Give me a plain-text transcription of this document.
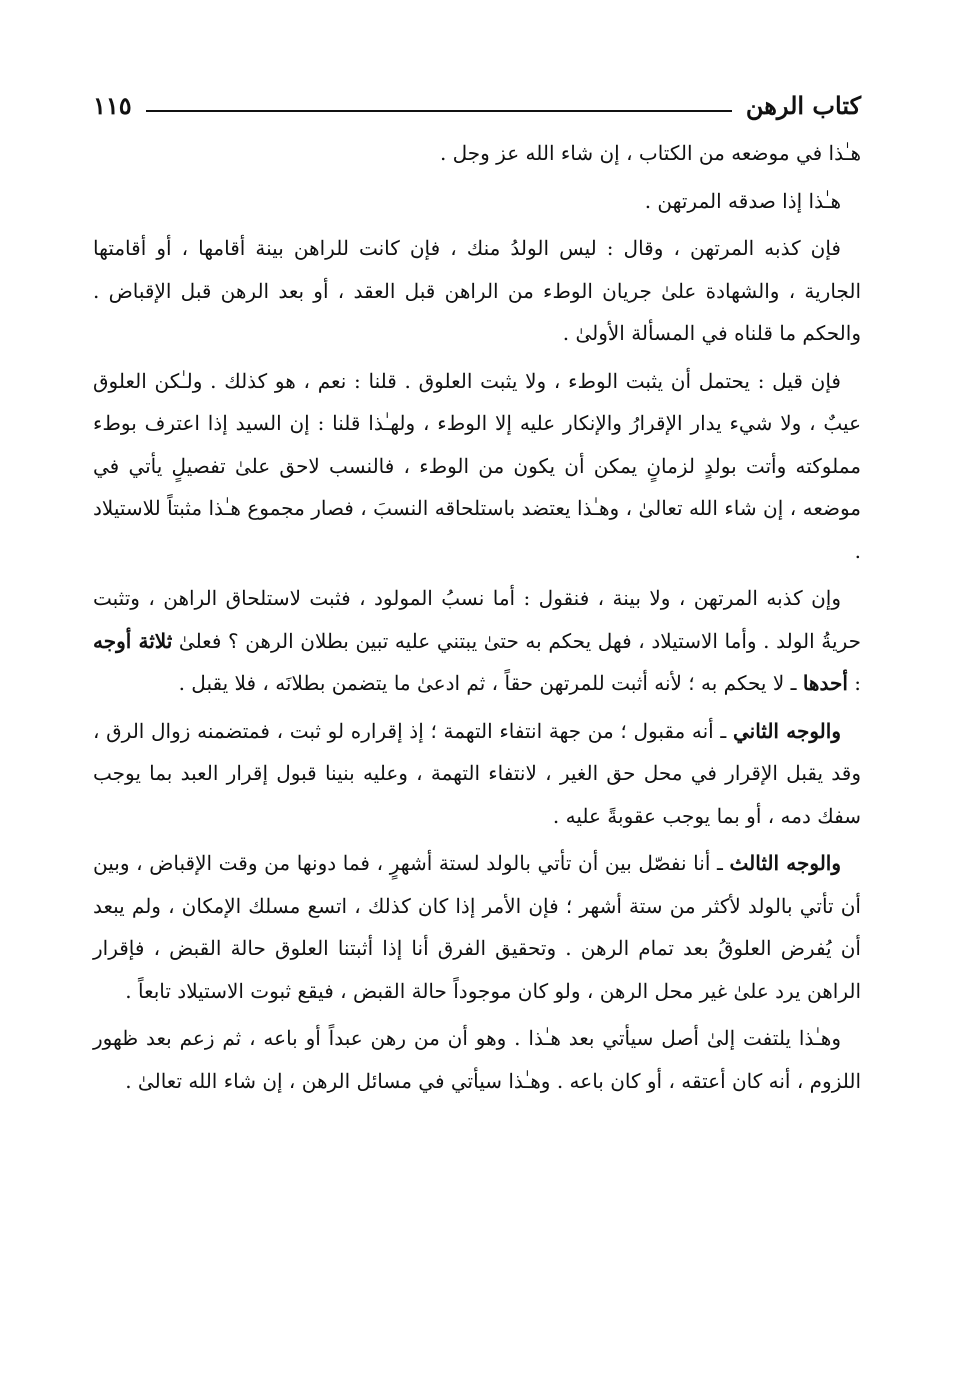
كتاب الرهن
١١٥

هـٰذا في موضعه من الكتاب ، إن شاء الله عز وجل .

هـٰذا إذا صدقه المرتهن .

فإن كذبه المرتهن ، وقال : ليس الولدُ منك ، فإن كانت للراهن بينة أقامها ، أو أقامتها الجارية ، والشهادة علىٰ جريان الوطء من الراهن قبل العقد ، أو بعد الرهن قبل الإقباض . والحكم ما قلناه في المسألة الأولىٰ .

فإن قيل : يحتمل أن يثبت الوطء ، ولا يثبت العلوق . قلنا : نعم ، هو كذلك . ولـٰكن العلوق عيبٌ ، ولا شيء يدار الإقرارُ والإنكار عليه إلا الوطء ، ولهـٰذا قلنا : إن السيد إذا اعترف بوطء مملوكته وأتت بولدٍ لزمانٍ يمكن أن يكون من الوطء ، فالنسب لاحق علىٰ تفصيلٍ يأتي في موضعه ، إن شاء الله تعالىٰ ، وهـٰذا يعتضد باستلحاقه النسبَ ، فصار مجموع هـٰذا مثبتاً للاستيلاد .

وإن كذبه المرتهن ، ولا بينة ، فنقول : أما نسبُ المولود ، فثبت لاستلحاق الراهن ، وتثبت حريةُ الولد . وأما الاستيلاد ، فهل يحكم به حتىٰ يبتني عليه تبين بطلان الرهن ؟ فعلىٰ ثلاثة أوجه : أحدها ـ لا يحكم به ؛ لأنه أثبت للمرتهن حقاً ، ثم ادعىٰ ما يتضمن بطلانَه ، فلا يقبل .

والوجه الثاني ـ أنه مقبول ؛ من جهة انتفاء التهمة ؛ إذ إقراره لو ثبت ، فمتضمنه زوال الرق ، وقد يقبل الإقرار في محل حق الغير ، لانتفاء التهمة ، وعليه بنينا قبول إقرار العبد بما يوجب سفك دمه ، أو بما يوجب عقوبةً عليه .

والوجه الثالث ـ أنا نفصّل بين أن تأتي بالولد لستة أشهرٍ ، فما دونها من وقت الإقباض ، وبين أن تأتي بالولد لأكثر من ستة أشهر ؛ فإن الأمر إذا كان كذلك ، اتسع مسلك الإمكان ، ولم يبعد أن يُفرض العلوقُ بعد تمام الرهن . وتحقيق الفرق أنا إذا أثبتنا العلوق حالة القبض ، فإقرار الراهن يرد علىٰ غير محل الرهن ، ولو كان موجوداً حالة القبض ، فيقع ثبوت الاستيلاد تابعاً .

وهـٰذا يلتفت إلىٰ أصل سيأتي بعد هـٰذا . وهو أن من رهن عبداً أو باعه ، ثم زعم بعد ظهور اللزوم ، أنه كان أعتقه ، أو كان باعه . وهـٰذا سيأتي في مسائل الرهن ، إن شاء الله تعالىٰ .
